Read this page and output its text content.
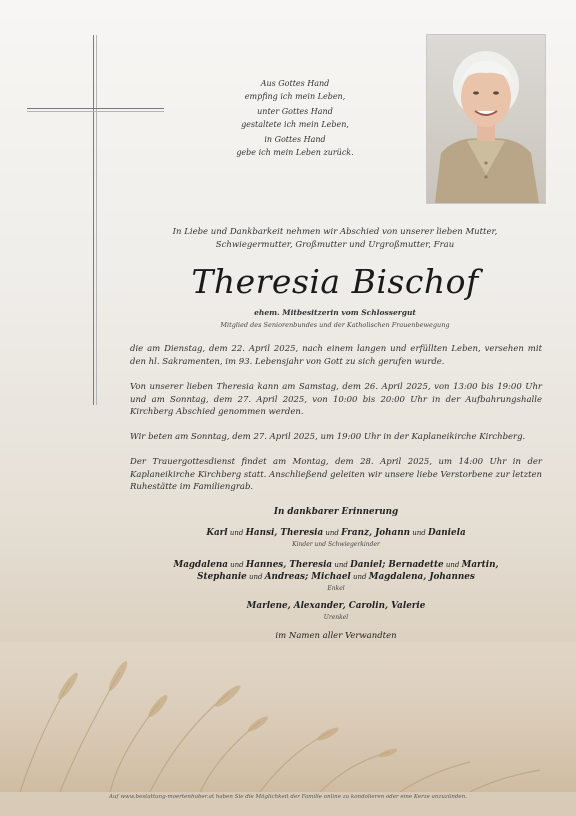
Aus Gottes Hand
empfing ich mein Leben,
unter Gottes Hand
gestaltete ich mein Leben,
in Gottes Hand
gebe ich mein Leben zurück.
In Liebe und Dankbarkeit nehmen wir Abschied von unserer lieben Mutter,
Schwiegermutter, Großmutter und Urgroßmutter, Frau
Theresia Bischof
ehem. Mitbesitzerin vom Schlossergut
Mitglied des Seniorenbundes und der Katholischen Frauenbewegung
die am Dienstag, dem 22. April 2025, nach einem langen und erfüllten Leben, versehen mit den hl. Sakramenten, im 93. Lebensjahr von Gott zu sich gerufen wurde.
Von unserer lieben Theresia kann am Samstag, dem 26. April 2025, von 13:00 bis 19:00 Uhr und am Sonntag, dem 27. April 2025, von 10:00 bis 20:00 Uhr in der Aufbahrungshalle Kirchberg Abschied genommen werden.
Wir beten am Sonntag, dem 27. April 2025, um 19:00 Uhr in der Kaplaneikirche Kirchberg.
Der Trauergottesdienst findet am Montag, dem 28. April 2025, um 14:00 Uhr in der Kaplaneikirche Kirchberg statt. Anschließend geleiten wir unsere liebe Verstorbene zur letzten Ruhestätte im Familiengrab.
In dankbarer Erinnerung
Karl und Hansi, Theresia und Franz, Johann und Daniela
Kinder und Schwiegerkinder
Magdalena und Hannes, Theresia und Daniel; Bernadette und Martin,
Stephanie und Andreas; Michael und Magdalena, Johannes
Enkel
Marlene, Alexander, Carolin, Valerie
Urenkel
im Namen aller Verwandten
Auf www.bestattung-moertenhuber.at haben Sie die Möglichkeit der Familie online zu kondolieren oder eine Kerze anzuzünden.
